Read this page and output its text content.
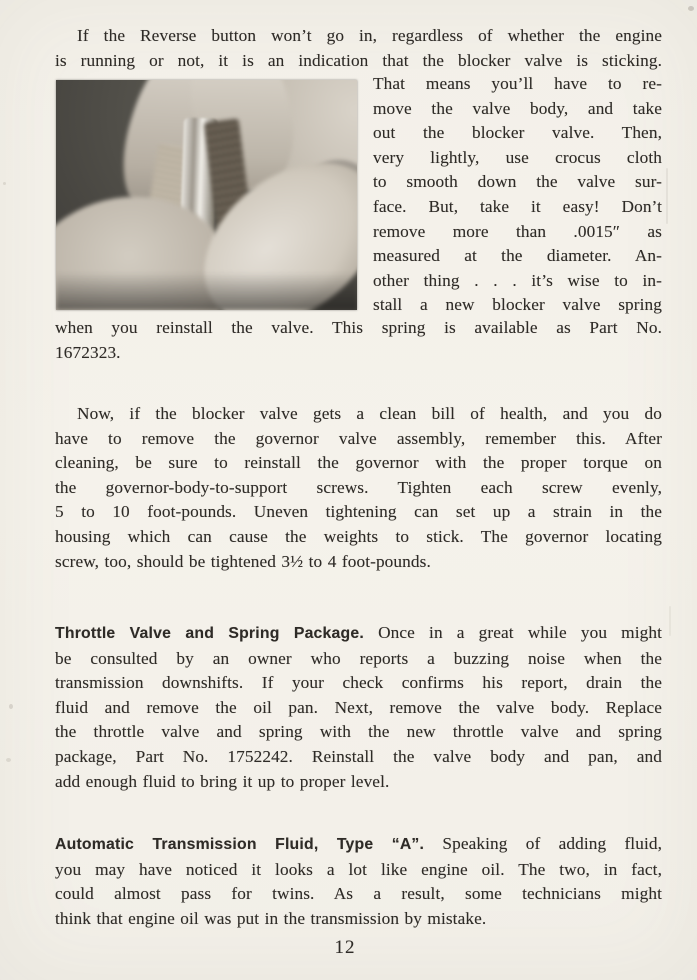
If the Reverse button won’t go in, regardless of whether the engine
is running or not, it is an indication that the blocker valve is sticking.
That means you’ll have to re-
move the valve body, and take
out the blocker valve. Then,
very lightly, use crocus cloth
to smooth down the valve sur-
face. But, take it easy! Don’t
remove more than .0015″ as
measured at the diameter. An-
other thing . . . it’s wise to in-
stall a new blocker valve spring
when you reinstall the valve. This spring is available as Part No.
1672323.
Now, if the blocker valve gets a clean bill of health, and you do
have to remove the governor valve assembly, remember this. After
cleaning, be sure to reinstall the governor with the proper torque on
the governor-body-to-support screws. Tighten each screw evenly,
5 to 10 foot-pounds. Uneven tightening can set up a strain in the
housing which can cause the weights to stick. The governor locating
screw, too, should be tightened 3½ to 4 foot-pounds.
Throttle Valve and Spring Package. Once in a great while you might
be consulted by an owner who reports a buzzing noise when the
transmission downshifts. If your check confirms his report, drain the
fluid and remove the oil pan. Next, remove the valve body. Replace
the throttle valve and spring with the new throttle valve and spring
package, Part No. 1752242. Reinstall the valve body and pan, and
add enough fluid to bring it up to proper level.
Automatic Transmission Fluid, Type “A”. Speaking of adding fluid,
you may have noticed it looks a lot like engine oil. The two, in fact,
could almost pass for twins. As a result, some technicians might
think that engine oil was put in the transmission by mistake.
12
